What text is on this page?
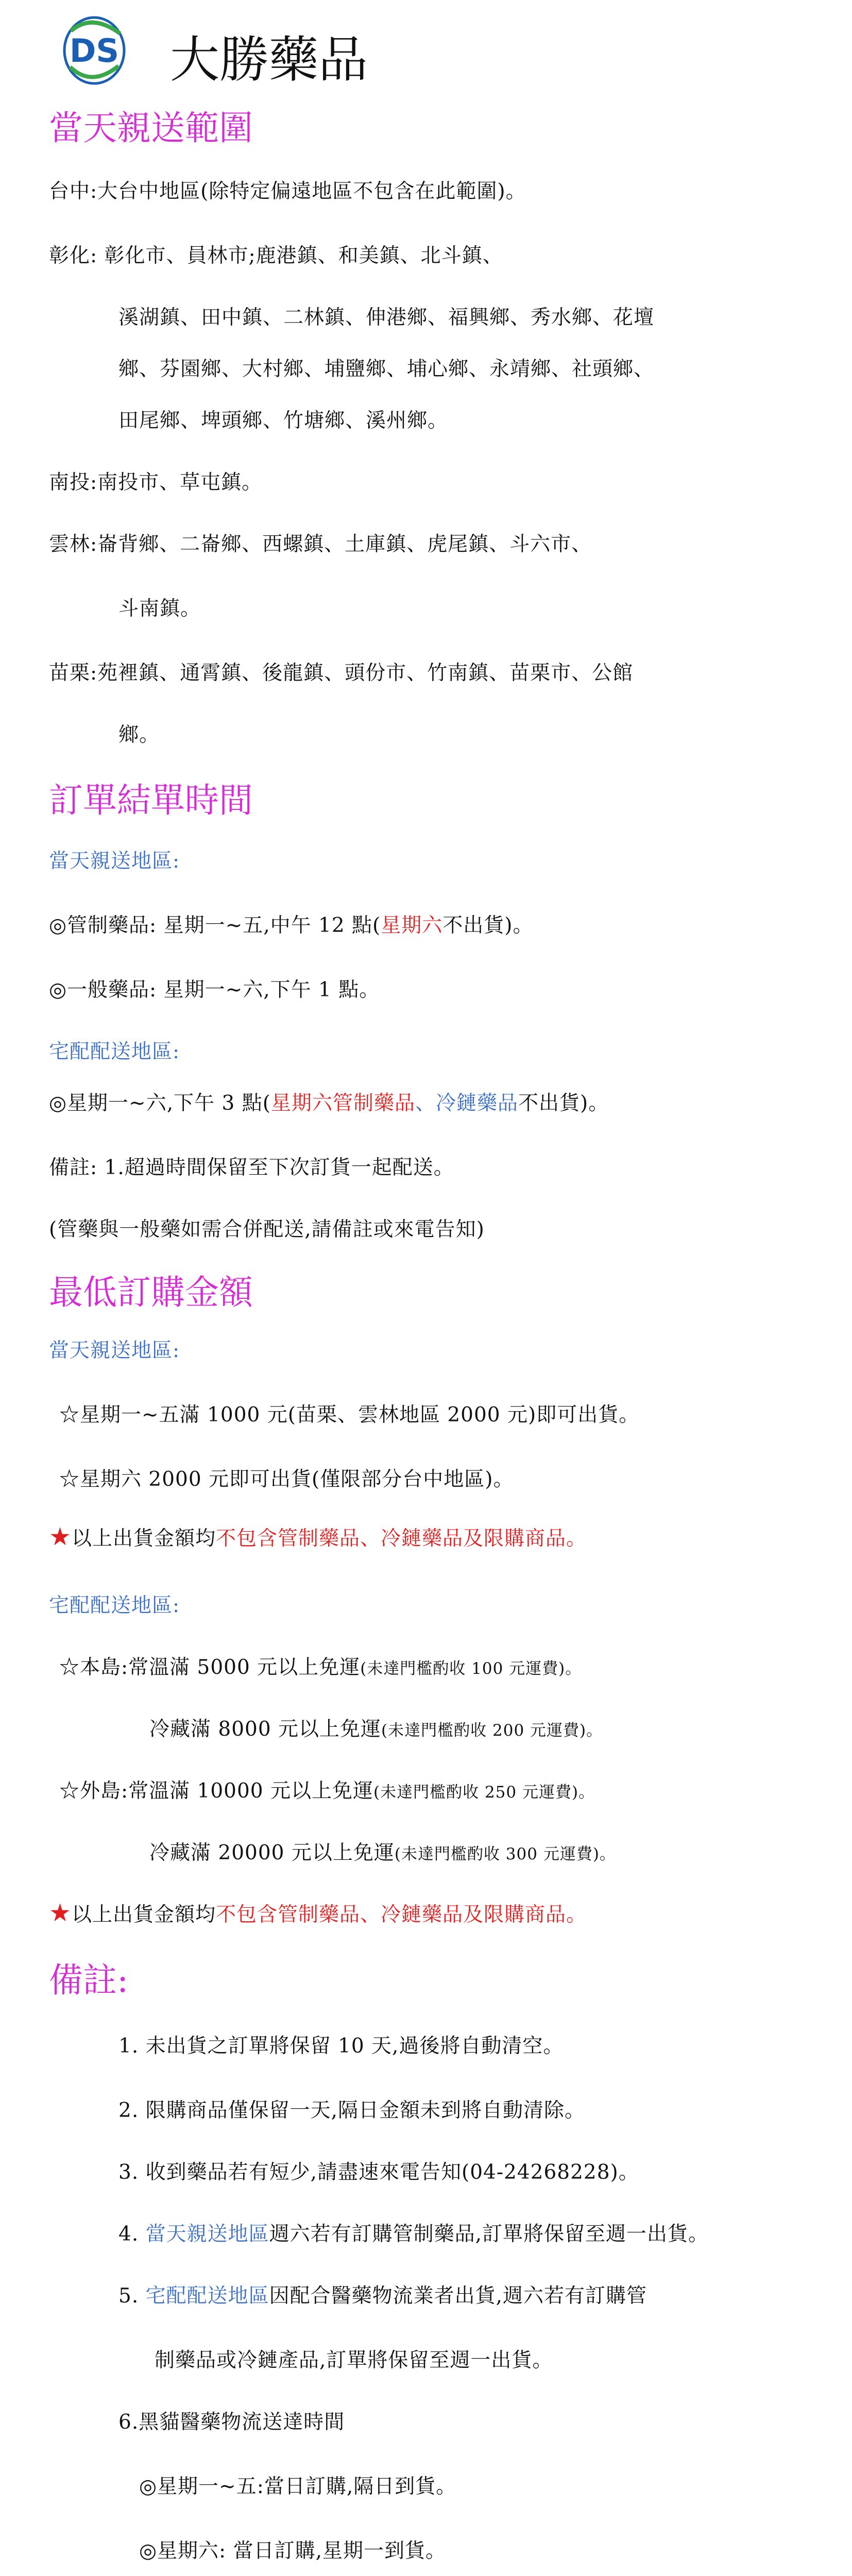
DS 大勝藥品
當天親送範圍
台中:大台中地區(除特定偏遠地區不包含在此範圍)。
彰化: 彰化市、員林市;鹿港鎮、和美鎮、北斗鎮、
溪湖鎮、田中鎮、二林鎮、伸港鄉、福興鄉、秀水鄉、花壇
鄉、芬園鄉、大村鄉、埔鹽鄉、埔心鄉、永靖鄉、社頭鄉、
田尾鄉、埤頭鄉、竹塘鄉、溪州鄉。
南投:南投市、草屯鎮。
雲林:崙背鄉、二崙鄉、西螺鎮、土庫鎮、虎尾鎮、斗六市、
斗南鎮。
苗栗:苑裡鎮、通霄鎮、後龍鎮、頭份市、竹南鎮、苗栗市、公館
鄉。
訂單結單時間
當天親送地區:
◎管制藥品: 星期一~五,中午 12 點(星期六不出貨)。
◎一般藥品: 星期一~六,下午 1 點。
宅配配送地區:
◎星期一~六,下午 3 點(星期六管制藥品、冷鏈藥品不出貨)。
備註: 1.超過時間保留至下次訂貨一起配送。
(管藥與一般藥如需合併配送,請備註或來電告知)
最低訂購金額
當天親送地區:
☆星期一~五滿 1000 元(苗栗、雲林地區 2000 元)即可出貨。
☆星期六 2000 元即可出貨(僅限部分台中地區)。
★以上出貨金額均不包含管制藥品、冷鏈藥品及限購商品。
宅配配送地區:
☆本島:常溫滿 5000 元以上免運(未達門檻酌收 100 元運費)。
冷藏滿 8000 元以上免運(未達門檻酌收 200 元運費)。
☆外島:常溫滿 10000 元以上免運(未達門檻酌收 250 元運費)。
冷藏滿 20000 元以上免運(未達門檻酌收 300 元運費)。
★以上出貨金額均不包含管制藥品、冷鏈藥品及限購商品。
備註:
1. 未出貨之訂單將保留 10 天,過後將自動清空。
2. 限購商品僅保留一天,隔日金額未到將自動清除。
3. 收到藥品若有短少,請盡速來電告知(04-24268228)。
4. 當天親送地區週六若有訂購管制藥品,訂單將保留至週一出貨。
5. 宅配配送地區因配合醫藥物流業者出貨,週六若有訂購管
制藥品或冷鏈產品,訂單將保留至週一出貨。
6.黑貓醫藥物流送達時間
◎星期一~五:當日訂購,隔日到貨。
◎星期六: 當日訂購,星期一到貨。
